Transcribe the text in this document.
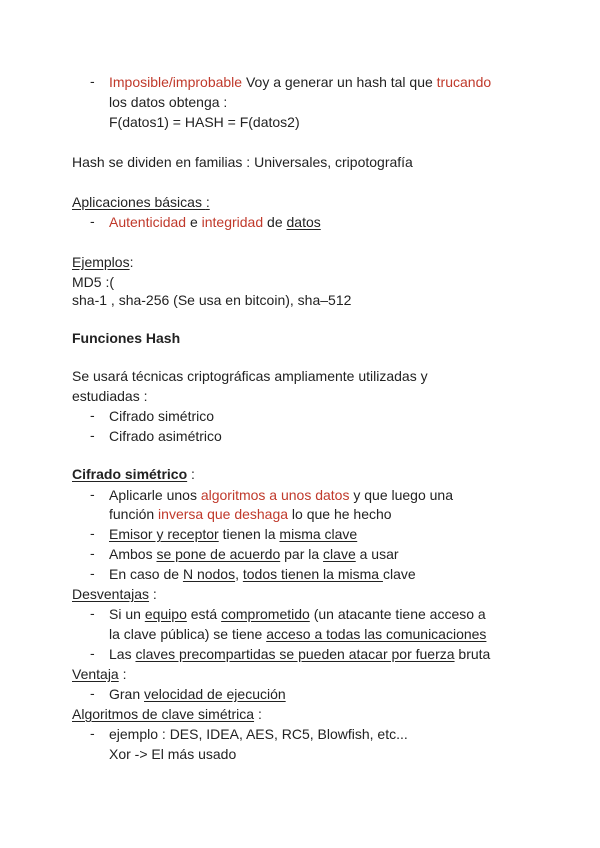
- Imposible/improbable Voy a generar un hash tal que trucando
los datos obtenga :
F(datos1) = HASH = F(datos2)
Hash se dividen en familias : Universales, cripotografía
Aplicaciones básicas :
- Autenticidad e integridad de datos
Ejemplos:
MD5 :(
sha-1 , sha-256 (Se usa en bitcoin), sha–512
Funciones Hash
Se usará técnicas criptográficas ampliamente utilizadas y
estudiadas :
- Cifrado simétrico
- Cifrado asimétrico
Cifrado simétrico :
- Aplicarle unos algoritmos a unos datos y que luego una
función inversa que deshaga lo que he hecho
- Emisor y receptor tienen la misma clave
- Ambos se pone de acuerdo par la clave a usar
- En caso de N nodos, todos tienen la misma clave
Desventajas :
- Si un equipo está comprometido (un atacante tiene acceso a
la clave pública) se tiene acceso a todas las comunicaciones
- Las claves precompartidas se pueden atacar por fuerza bruta
Ventaja :
- Gran velocidad de ejecución
Algoritmos de clave simétrica :
- ejemplo : DES, IDEA, AES, RC5, Blowfish, etc...
Xor -> El más usado
